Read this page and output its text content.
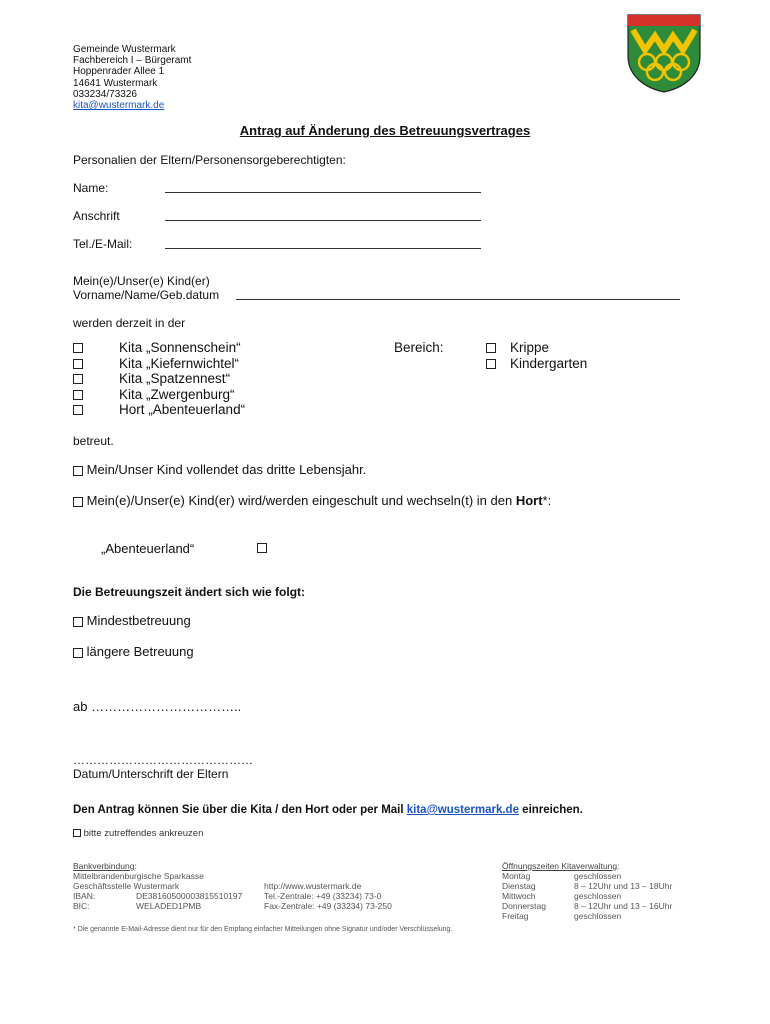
Gemeinde Wustermark
Fachbereich I – Bürgeramt
Hoppenrader Allee 1
14641 Wustermark
033234/73326
kita@wustermark.de
Antrag auf Änderung des Betreuungsvertrages
Personalien der Eltern/Personensorgeberechtigten:
Name:
Anschrift
Tel./E-Mail:
Mein(e)/Unser(e) Kind(er)
Vorname/Name/Geb.datum
werden derzeit in der
Kita „Sonnenschein“
Kita „Kiefernwichtel“
Kita „Spatzennest“
Kita „Zwergenburg“
Hort „Abenteuerland“
Bereich:	Krippe
Kindergarten
betreut.
Mein/Unser Kind vollendet das dritte Lebensjahr.
Mein(e)/Unser(e) Kind(er) wird/werden eingeschult und wechseln(t) in den Hort*:
„Abenteuerland“
Die Betreuungszeit ändert sich wie folgt:
Mindestbetreuung
längere Betreuung
ab ……………………………..
………………………………………
Datum/Unterschrift der Eltern
Den Antrag können Sie über die Kita / den Hort oder per Mail kita@wustermark.de einreichen.
bitte zutreffendes ankreuzen
Bankverbindung:
Mittelbrandenburgische Sparkasse
Geschäftsstelle Wustermark
IBAN:	DE38160500003815510197
BIC:	WELADED1PMB
http://www.wustermark.de
Tel.-Zentrale: +49 (33234) 73-0
Fax-Zentrale: +49 (33234) 73-250
Öffnungszeiten Kitaverwaltung:
Montag	geschlossen
Dienstag	8 – 12Uhr und 13 – 18Uhr
Mittwoch	geschlossen
Donnerstag	8 – 12Uhr und 13 – 16Uhr
Freitag	geschlossen
* Die genannte E-Mail-Adresse dient nur für den Empfang einfacher Mitteilungen ohne Signatur und/oder Verschlüsselung.
